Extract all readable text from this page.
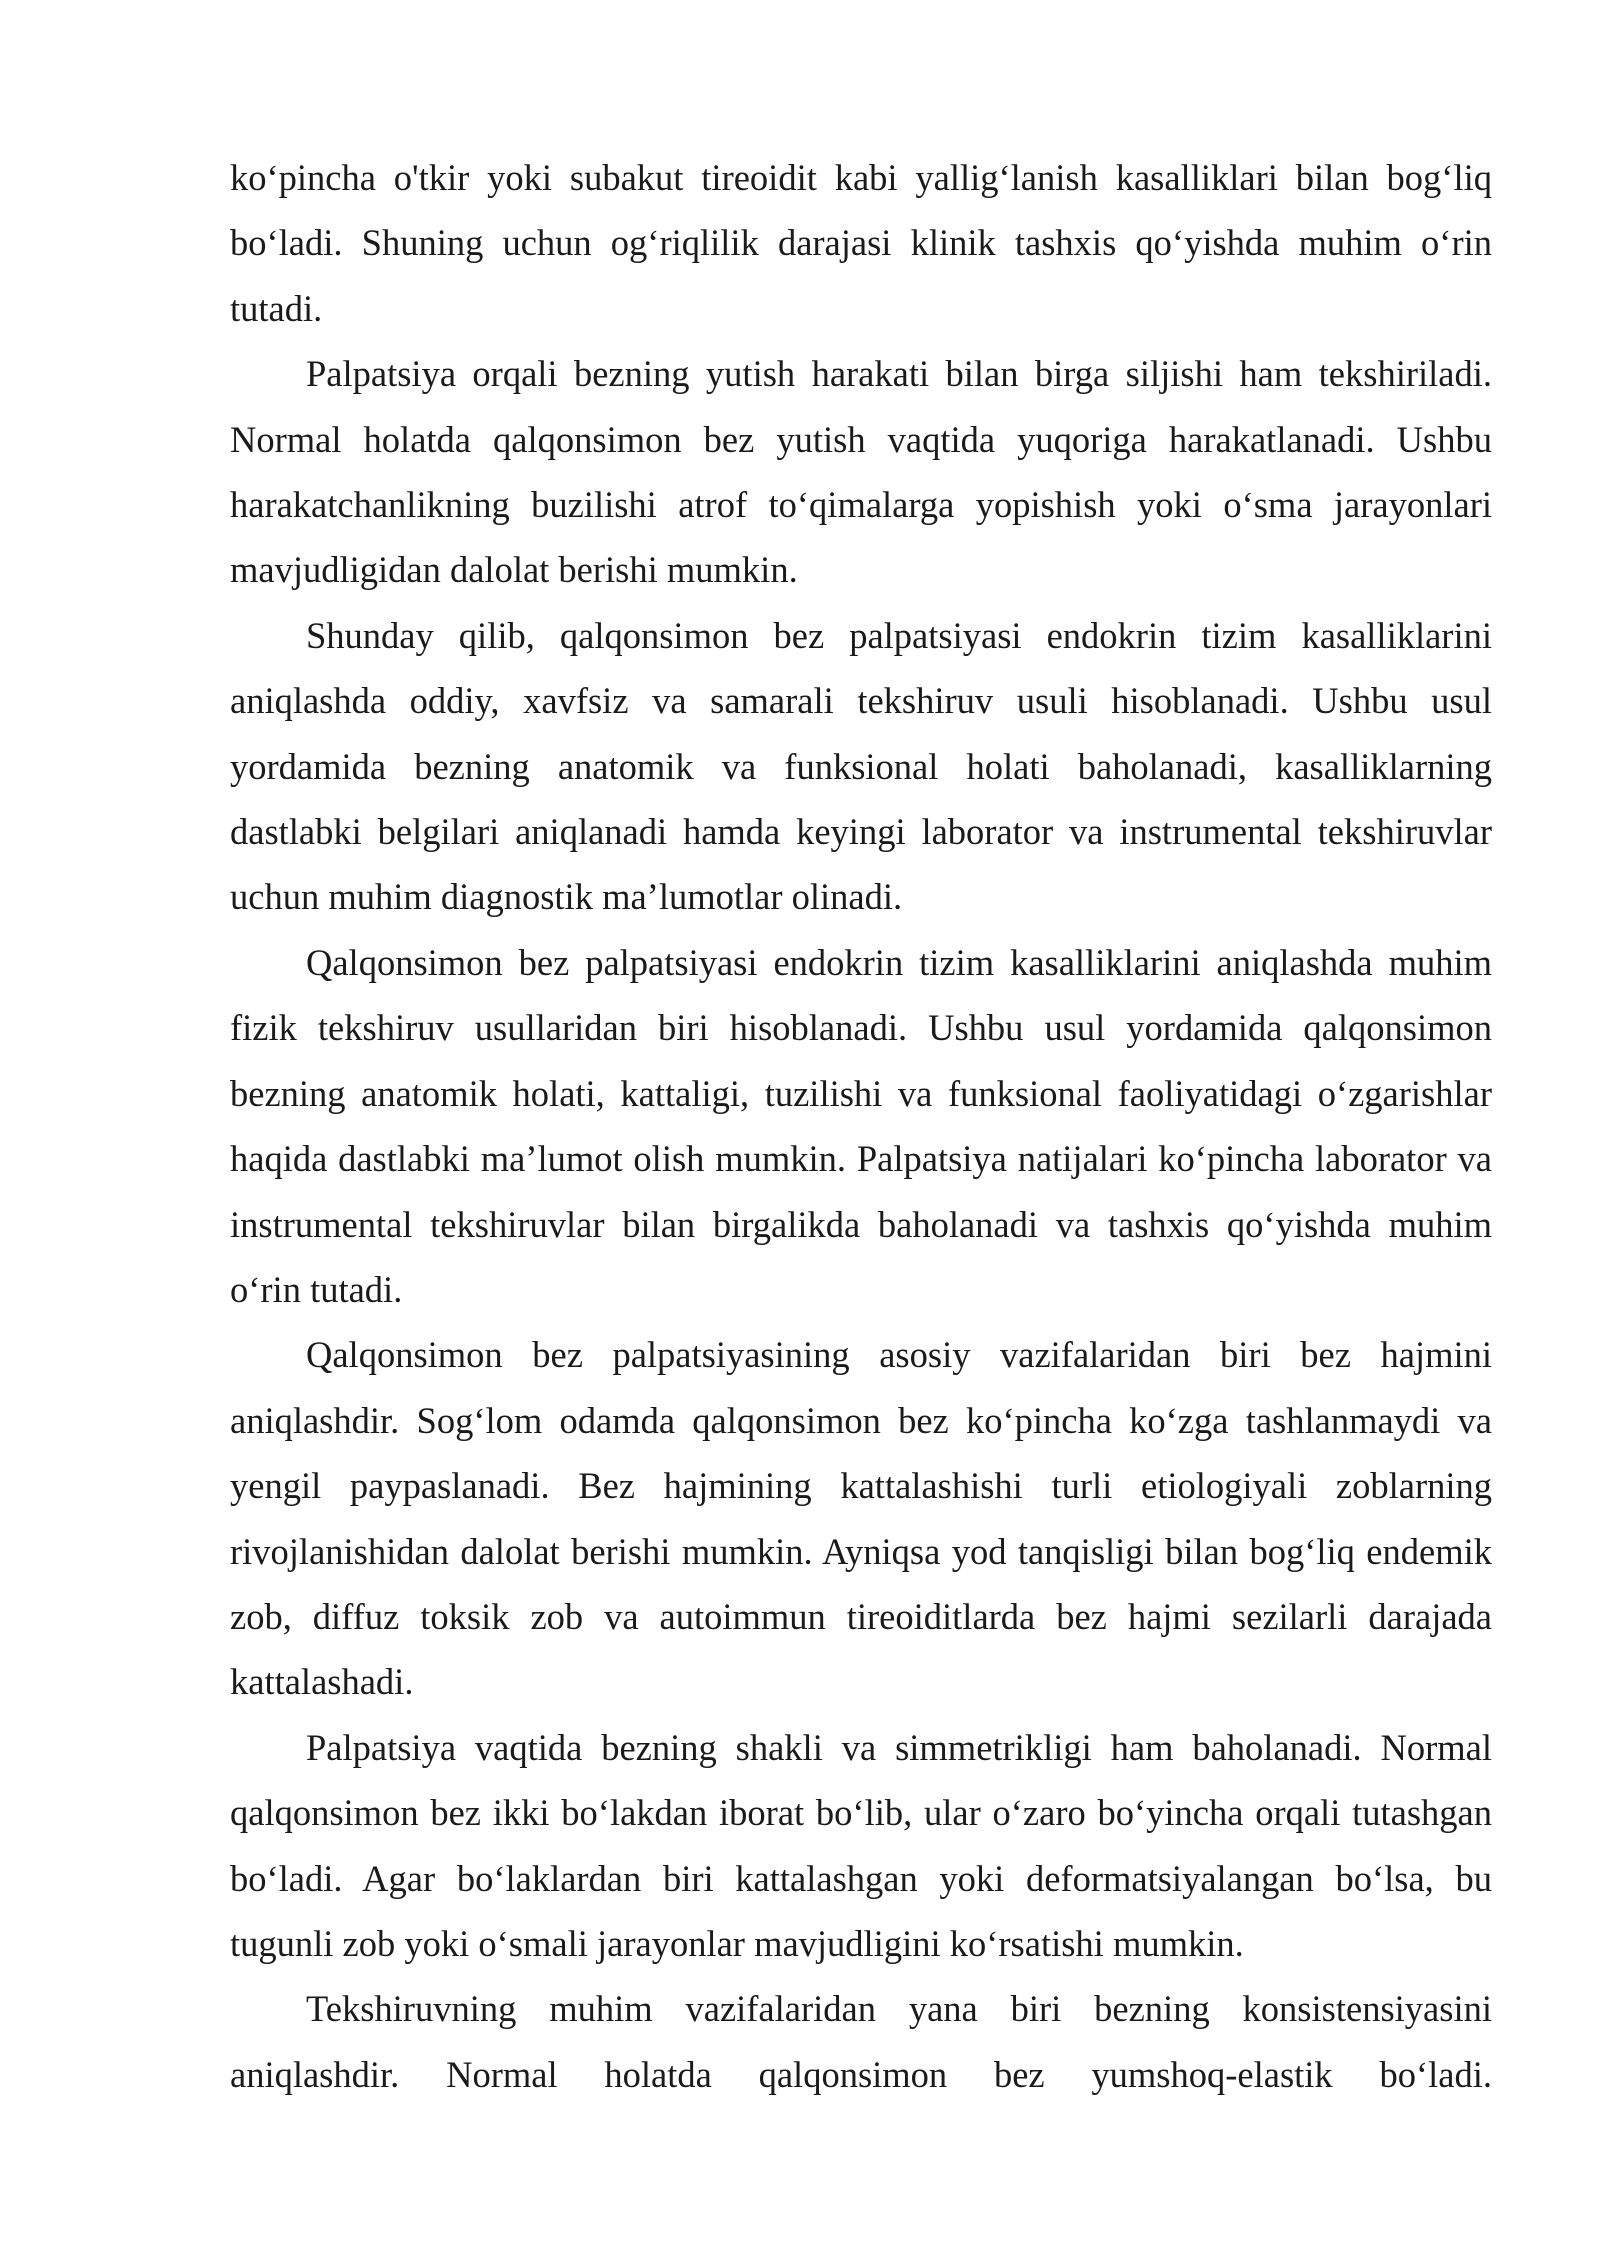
ko‘pincha o'tkir yoki subakut tireoidit kabi yallig‘lanish kasalliklari bilan bog‘liq bo‘ladi. Shuning uchun og‘riqlilik darajasi klinik tashxis qo‘yishda muhim o‘rin tutadi.

Palpatsiya orqali bezning yutish harakati bilan birga siljishi ham tekshiriladi. Normal holatda qalqonsimon bez yutish vaqtida yuqoriga harakatlanadi. Ushbu harakatchanlikning buzilishi atrof to‘qimalarga yopishish yoki o‘sma jarayonlari mavjudligidan dalolat berishi mumkin.

Shunday qilib, qalqonsimon bez palpatsiyasi endokrin tizim kasalliklarini aniqlashda oddiy, xavfsiz va samarali tekshiruv usuli hisoblanadi. Ushbu usul yordamida bezning anatomik va funksional holati baholanadi, kasalliklarning dastlabki belgilari aniqlanadi hamda keyingi laborator va instrumental tekshiruvlar uchun muhim diagnostik ma’lumotlar olinadi.

Qalqonsimon bez palpatsiyasi endokrin tizim kasalliklarini aniqlashda muhim fizik tekshiruv usullaridan biri hisoblanadi. Ushbu usul yordamida qalqonsimon bezning anatomik holati, kattaligi, tuzilishi va funksional faoliyatidagi o‘zgarishlar haqida dastlabki ma’lumot olish mumkin. Palpatsiya natijalari ko‘pincha laborator va instrumental tekshiruvlar bilan birgalikda baholanadi va tashxis qo‘yishda muhim o‘rin tutadi.

Qalqonsimon bez palpatsiyasining asosiy vazifalaridan biri bez hajmini aniqlashdir. Sog‘lom odamda qalqonsimon bez ko‘pincha ko‘zga tashlanmaydi va yengil paypaslanadi. Bez hajmining kattalashishi turli etiologiyali zoblarning rivojlanishidan dalolat berishi mumkin. Ayniqsa yod tanqisligi bilan bog‘liq endemik zob, diffuz toksik zob va autoimmun tireoiditlarda bez hajmi sezilarli darajada kattalashadi.

Palpatsiya vaqtida bezning shakli va simmetrikligi ham baholanadi. Normal qalqonsimon bez ikki bo‘lakdan iborat bo‘lib, ular o‘zaro bo‘yincha orqali tutashgan bo‘ladi. Agar bo‘laklardan biri kattalashgan yoki deformatsiyalangan bo‘lsa, bu tugunli zob yoki o‘smali jarayonlar mavjudligini ko‘rsatishi mumkin.

Tekshiruvning muhim vazifalaridan yana biri bezning konsistensiyasini aniqlashdir. Normal holatda qalqonsimon bez yumshoq-elastik bo‘ladi.
